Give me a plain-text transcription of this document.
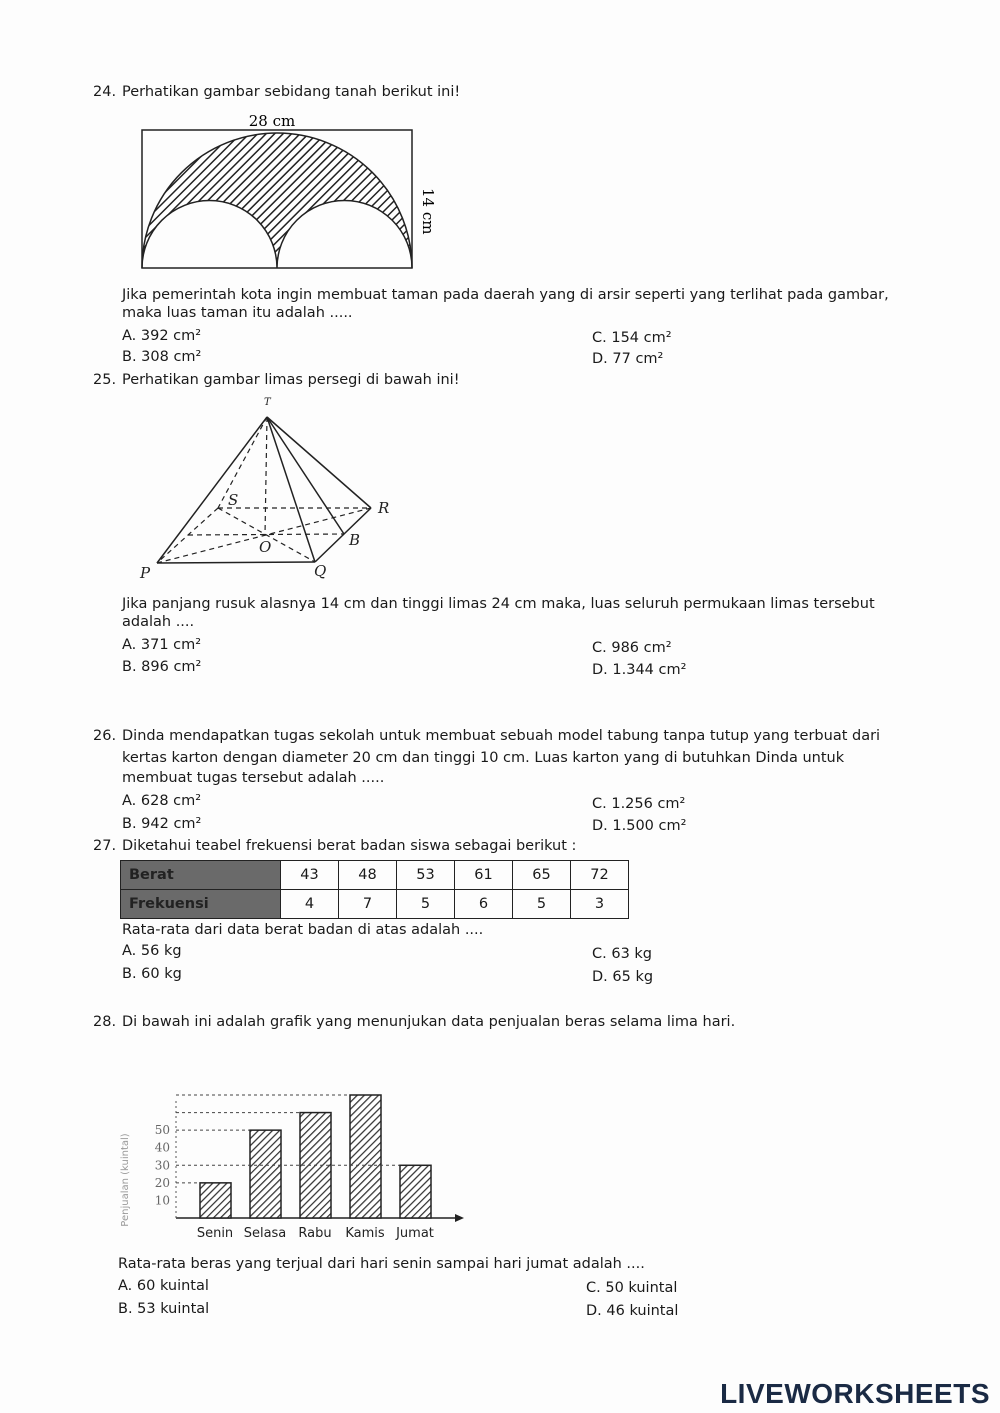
24. Perhatikan gambar sebidang tanah berikut ini!
28 cm
14 cm
Jika pemerintah kota ingin membuat taman pada daerah yang di arsir seperti yang terlihat pada gambar,
maka luas taman itu adalah .....
A. 392 cm²
B. 308 cm²
C. 154 cm²
D. 77 cm²
25. Perhatikan gambar limas persegi di bawah ini!
T
S	R
O	B
P	Q
Jika panjang rusuk alasnya 14 cm dan tinggi limas 24 cm maka, luas seluruh permukaan limas tersebut
adalah ....
A. 371 cm²
B. 896 cm²
C. 986 cm²
D. 1.344 cm²
26. Dinda mendapatkan tugas sekolah untuk membuat sebuah model tabung tanpa tutup yang terbuat dari
kertas karton dengan diameter 20 cm dan tinggi 10 cm. Luas karton yang di butuhkan Dinda untuk
membuat tugas tersebut adalah .....
A. 628 cm²
B. 942 cm²
C. 1.256 cm²
D. 1.500 cm²
27. Diketahui teabel frekuensi berat badan siswa sebagai berikut :
Berat	43	48	53	61	65	72
Frekuensi	4	7	5	6	5	3
Rata-rata dari data berat badan di atas adalah ....
A. 56 kg
B. 60 kg
C. 63 kg
D. 65 kg
28. Di bawah ini adalah grafik yang menunjukan data penjualan beras selama lima hari.
Penjualan (kuintal) 10
20
30
40
50
Senin Selasa Rabu Kamis Jumat
Rata-rata beras yang terjual dari hari senin sampai hari jumat adalah ....
A. 60 kuintal
B. 53 kuintal
C. 50 kuintal
D. 46 kuintal
LIVEWORKSHEETS
